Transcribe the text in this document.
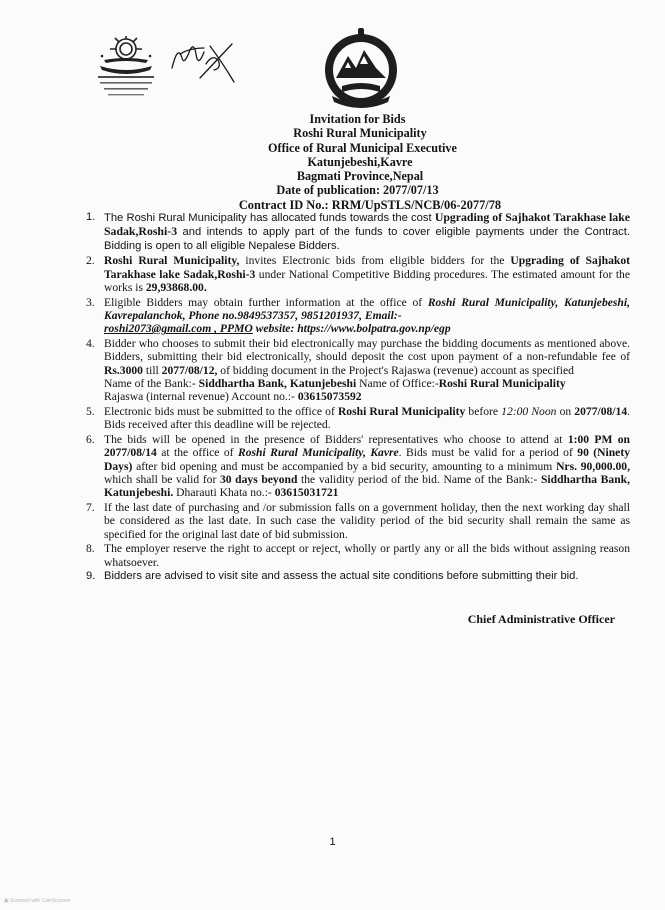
Invitation for Bids
Roshi Rural Municipality
Office of Rural Municipal Executive
Katunjebeshi,Kavre
Bagmati Province,Nepal
Date of publication: 2077/07/13
Contract ID No.: RRM/UpSTLS/NCB/06-2077/78
1. The Roshi Rural Municipality has allocated funds towards the cost Upgrading of Sajhakot Tarakhase lake Sadak,Roshi-3 and intends to apply part of the funds to cover eligible payments under the Contract. Bidding is open to all eligible Nepalese Bidders.
2. Roshi Rural Municipality, invites Electronic bids from eligible bidders for the Upgrading of Sajhakot Tarakhase lake Sadak,Roshi-3 under National Competitive Bidding procedures. The estimated amount for the works is 29,93868.00.
3. Eligible Bidders may obtain further information at the office of Roshi Rural Municipality, Katunjebeshi, Kavrepalanchok, Phone no.9849537357, 9851201937, Email:-
roshi2073@gmail.com , PPMO website: https://www.bolpatra.gov.np/egp
4. Bidder who chooses to submit their bid electronically may purchase the bidding documents as mentioned above. Bidders, submitting their bid electronically, should deposit the cost upon payment of a non-refundable fee of Rs.3000 till 2077/08/12, of bidding document in the Project's Rajaswa (revenue) account as specified
Name of the Bank:- Siddhartha Bank, Katunjebeshi Name of Office:-Roshi Rural Municipality
Rajaswa (internal revenue) Account no.:- 03615073592
5. Electronic bids must be submitted to the office of Roshi Rural Municipality before 12:00 Noon on 2077/08/14. Bids received after this deadline will be rejected.
6. The bids will be opened in the presence of Bidders' representatives who choose to attend at 1:00 PM on 2077/08/14 at the office of Roshi Rural Municipality, Kavre. Bids must be valid for a period of 90 (Ninety Days) after bid opening and must be accompanied by a bid security, amounting to a minimum Nrs. 90,000.00, which shall be valid for 30 days beyond the validity period of the bid. Name of the Bank:- Siddhartha Bank, Katunjebeshi. Dharauti Khata no.:- 03615031721
7. If the last date of purchasing and /or submission falls on a government holiday, then the next working day shall be considered as the last date. In such case the validity period of the bid security shall remain the same as specified for the original last date of bid submission.
8. The employer reserve the right to accept or reject, wholly or partly any or all the bids without assigning reason whatsoever.
9. Bidders are advised to visit site and assess the actual site conditions before submitting their bid.
Chief Administrative Officer
1
▣ Scanned with CamScanner
